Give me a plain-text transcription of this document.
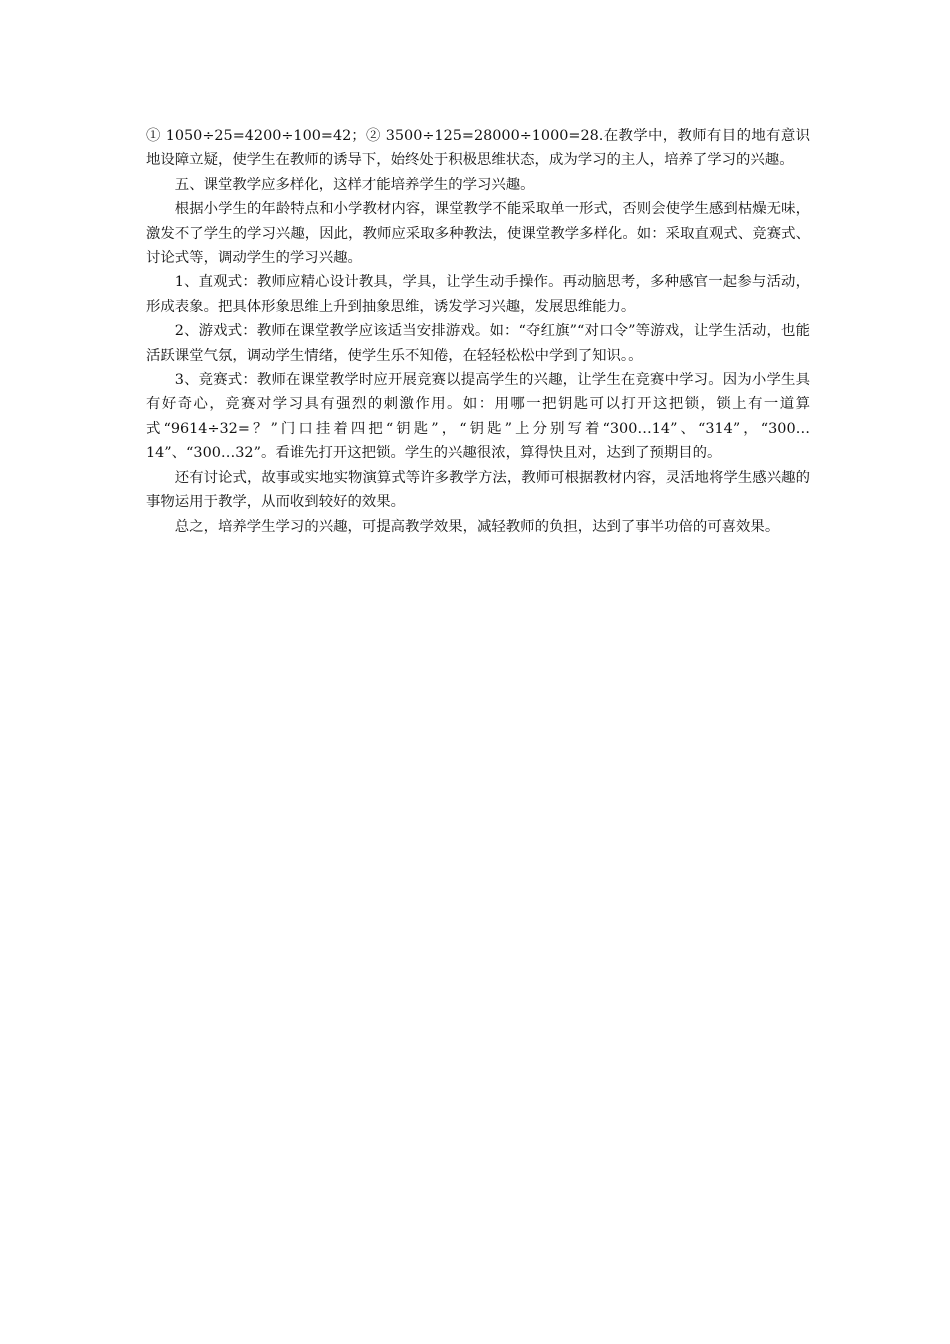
① 1050÷25=4200÷100=42；② 3500÷125=28000÷1000=28.在教学中，教师有目的地有意识地设障立疑，使学生在教师的诱导下，始终处于积极思维状态，成为学习的主人，培养了学习的兴趣。

五、课堂教学应多样化，这样才能培养学生的学习兴趣。

根据小学生的年龄特点和小学教材内容，课堂教学不能采取单一形式，否则会使学生感到枯燥无味，激发不了学生的学习兴趣，因此，教师应采取多种教法，使课堂教学多样化。如：采取直观式、竞赛式、讨论式等，调动学生的学习兴趣。

1、直观式：教师应精心设计教具，学具，让学生动手操作。再动脑思考，多种感官一起参与活动，形成表象。把具体形象思维上升到抽象思维，诱发学习兴趣，发展思维能力。

2、游戏式：教师在课堂教学应该适当安排游戏。如：“夺红旗”“对口令”等游戏，让学生活动，也能活跃课堂气氛，调动学生情绪，使学生乐不知倦，在轻轻松松中学到了知识。。

3、竞赛式：教师在课堂教学时应开展竞赛以提高学生的兴趣，让学生在竞赛中学习。因为小学生具有好奇心，竞赛对学习具有强烈的刺激作用。如：用哪一把钥匙可以打开这把锁，锁上有一道算式“9614÷32=？”门口挂着四把“钥匙”，“钥匙”上分别写着“300…14”、“314”，“300…14”、“300…32”。看谁先打开这把锁。学生的兴趣很浓，算得快且对，达到了预期目的。

还有讨论式，故事或实地实物演算式等许多教学方法，教师可根据教材内容，灵活地将学生感兴趣的事物运用于教学，从而收到较好的效果。

总之，培养学生学习的兴趣，可提高教学效果，减轻教师的负担，达到了事半功倍的可喜效果。
